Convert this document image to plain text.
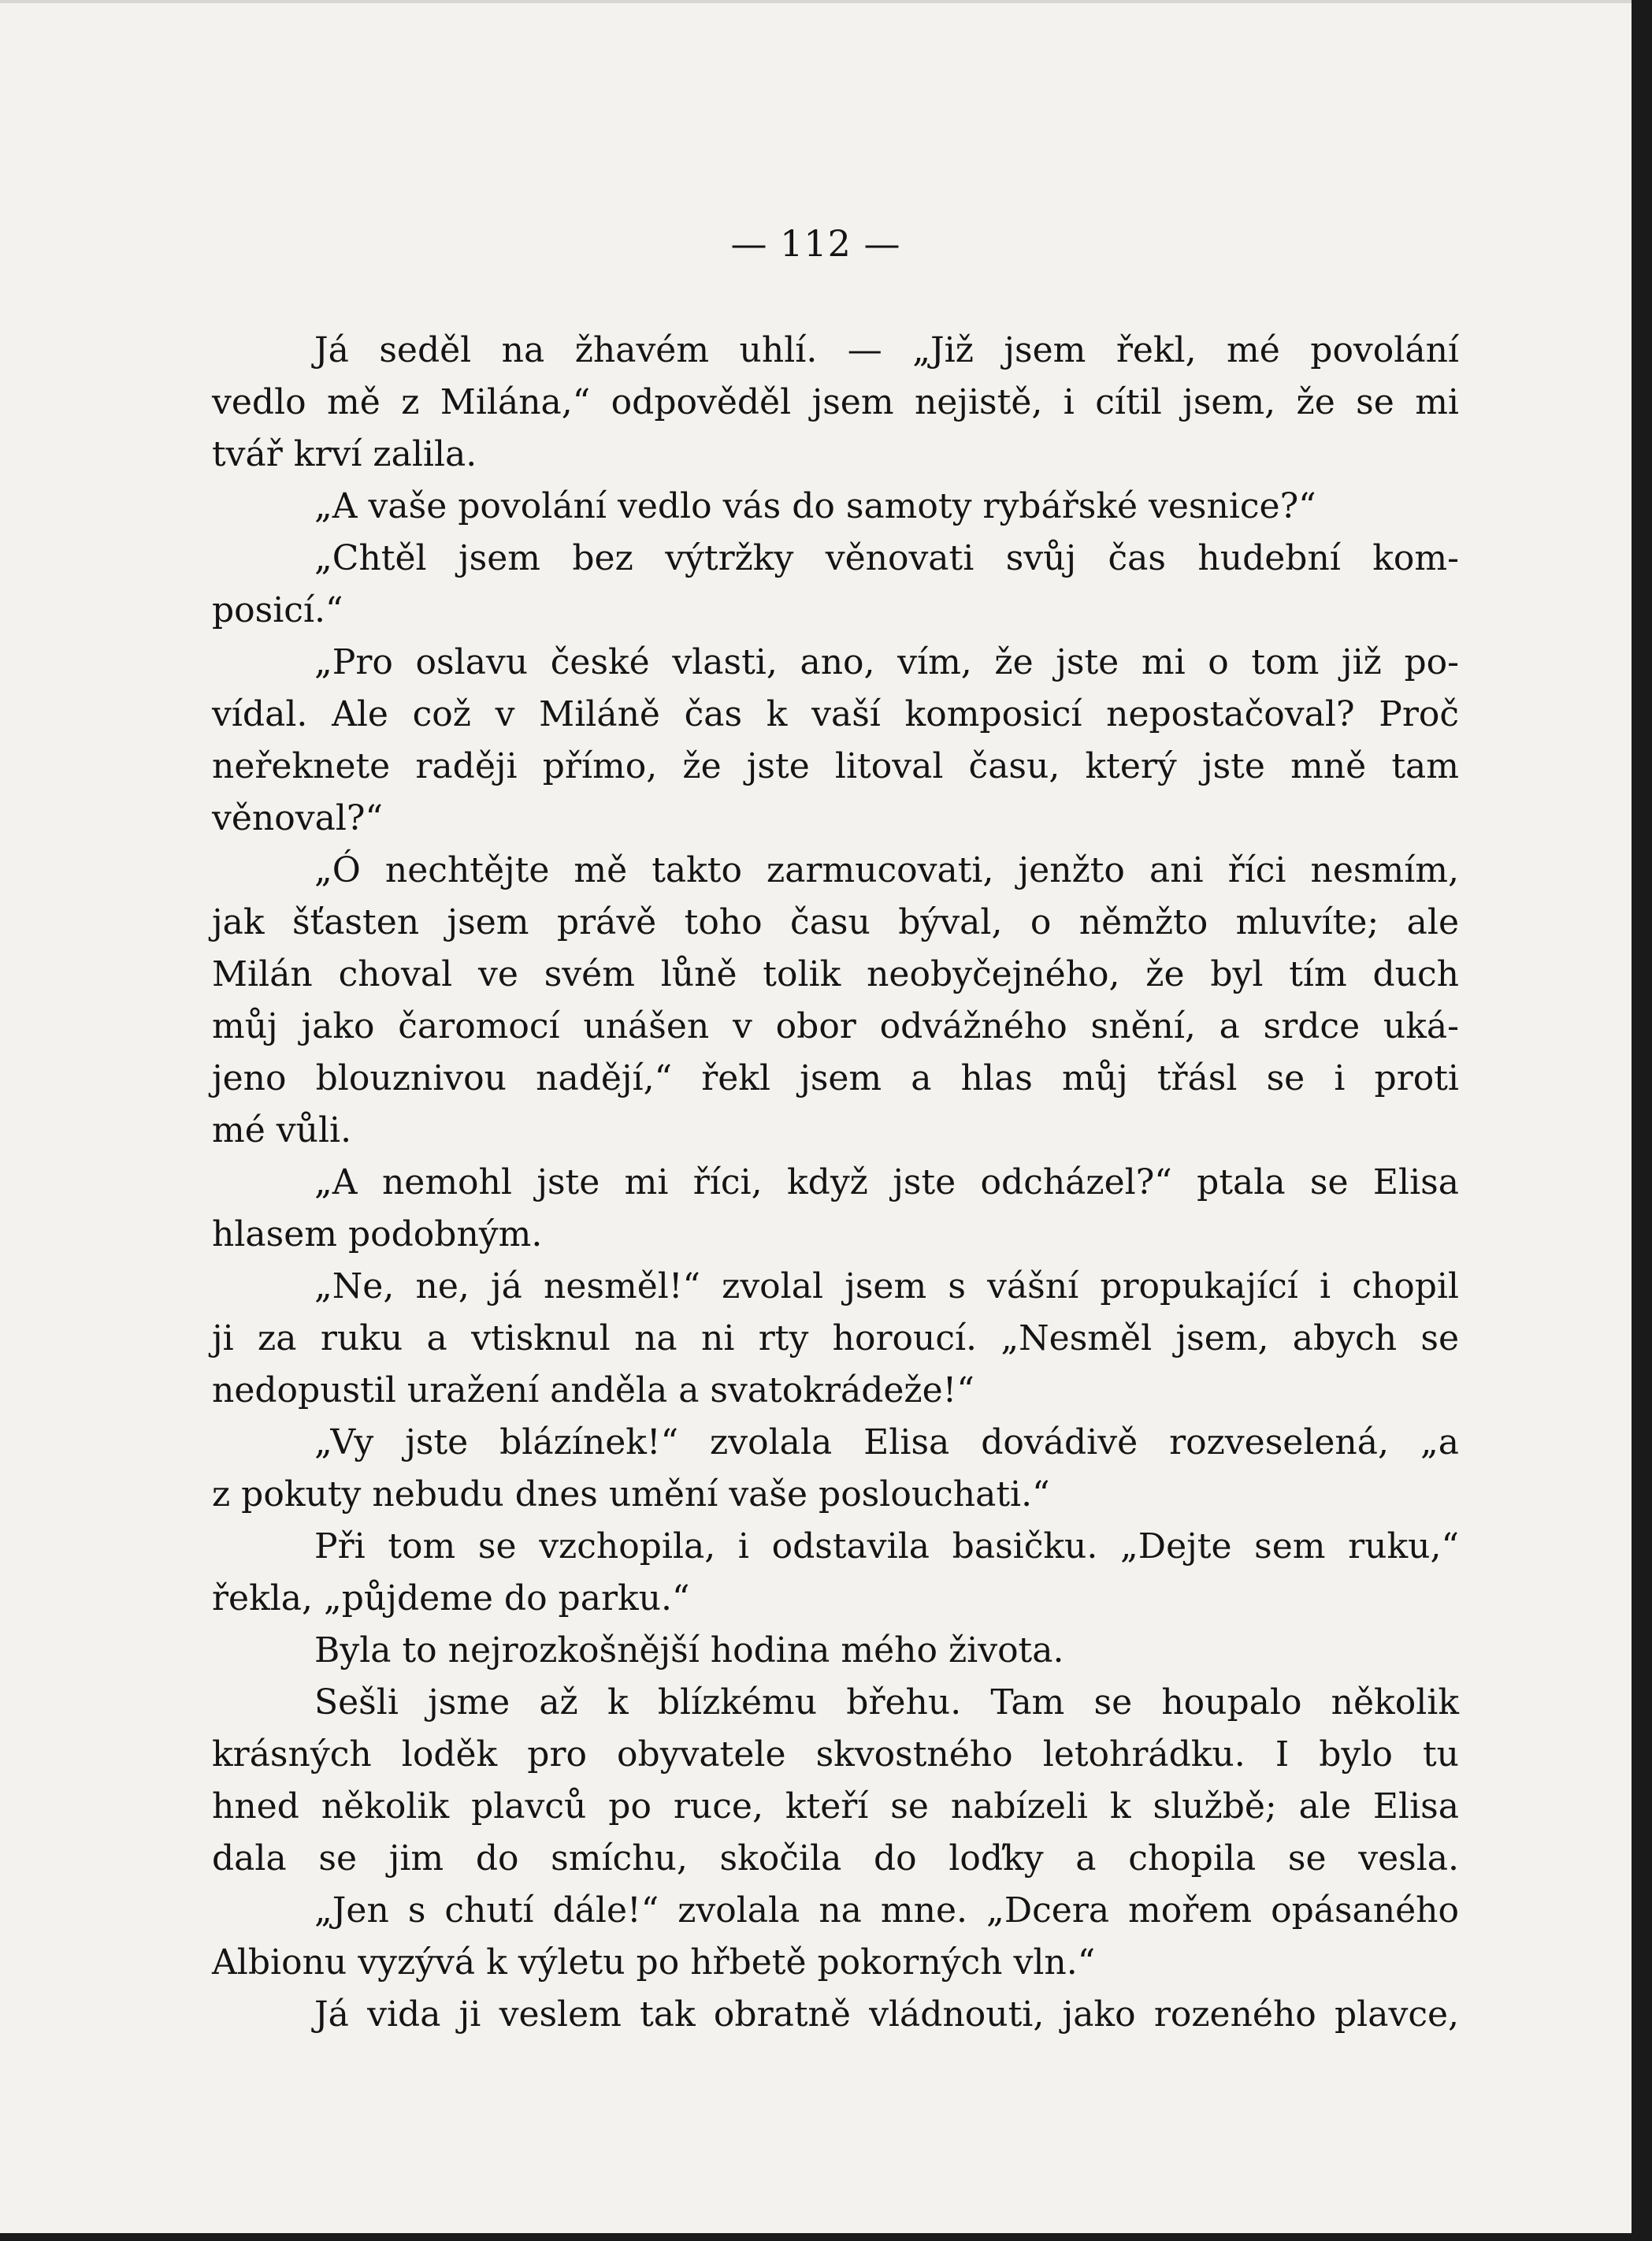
— 112 —
Já seděl na žhavém uhlí. — „Již jsem řekl, mé povolání
vedlo mě z Milána,“ odpověděl jsem nejistě, i cítil jsem, že se mi
tvář krví zalila.
„A vaše povolání vedlo vás do samoty rybářské vesnice?“
„Chtěl jsem bez výtržky věnovati svůj čas hudební kom-
posicí.“
„Pro oslavu české vlasti, ano, vím, že jste mi o tom již po-
vídal. Ale což v Miláně čas k vaší komposicí nepostačoval? Proč
neřeknete raději přímo, že jste litoval času, který jste mně tam
věnoval?“
„Ó nechtějte mě takto zarmucovati, jenžto ani říci nesmím,
jak šťasten jsem právě toho času býval, o němžto mluvíte; ale
Milán choval ve svém lůně tolik neobyčejného, že byl tím duch
můj jako čaromocí unášen v obor odvážného snění, a srdce uká-
jeno blouznivou nadějí,“ řekl jsem a hlas můj třásl se i proti
mé vůli.
„A nemohl jste mi říci, když jste odcházel?“ ptala se Elisa
hlasem podobným.
„Ne, ne, já nesměl!“ zvolal jsem s vášní propukající i chopil
ji za ruku a vtisknul na ni rty horoucí. „Nesměl jsem, abych se
nedopustil uražení anděla a svatokrádeže!“
„Vy jste blázínek!“ zvolala Elisa dovádivě rozveselená, „a
z pokuty nebudu dnes umění vaše poslouchati.“
Při tom se vzchopila, i odstavila basičku. „Dejte sem ruku,“
řekla, „půjdeme do parku.“
Byla to nejrozkošnější hodina mého života.
Sešli jsme až k blízkému břehu. Tam se houpalo několik
krásných loděk pro obyvatele skvostného letohrádku. I bylo tu
hned několik plavců po ruce, kteří se nabízeli k službě; ale Elisa
dala se jim do smíchu, skočila do loďky a chopila se vesla.
„Jen s chutí dále!“ zvolala na mne. „Dcera mořem opásaného
Albionu vyzývá k výletu po hřbetě pokorných vln.“
Já vida ji veslem tak obratně vládnouti, jako rozeného plavce,
